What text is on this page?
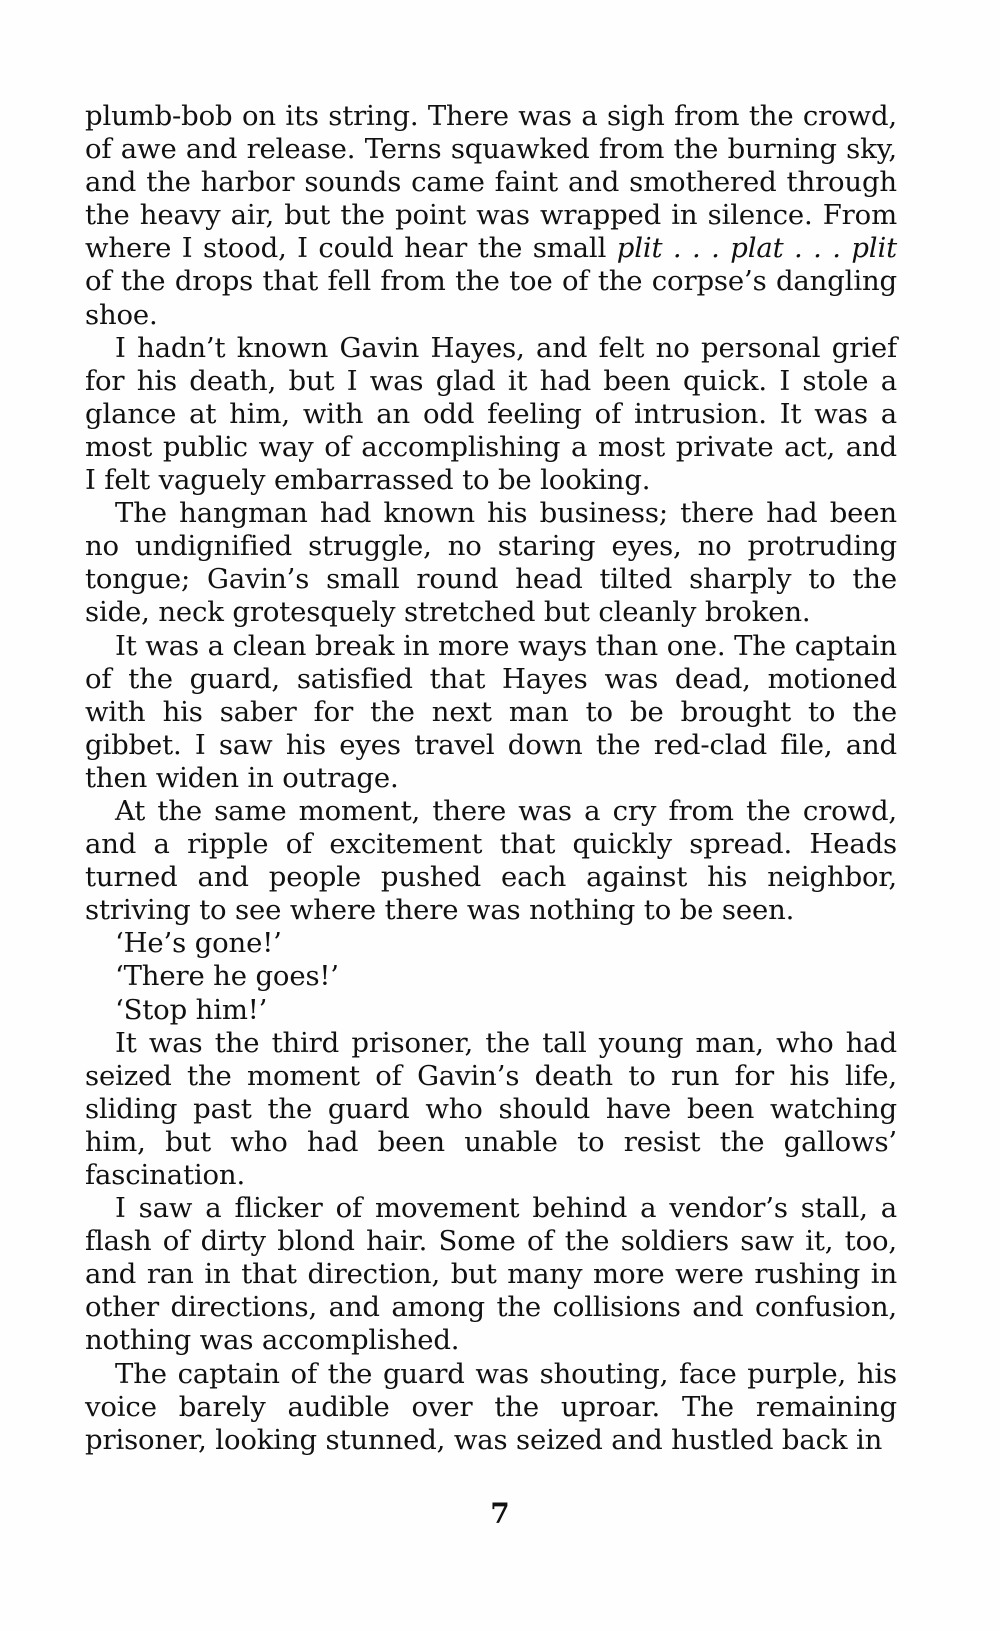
plumb-bob on its string. There was a sigh from the crowd, of awe and release. Terns squawked from the burning sky, and the harbor sounds came faint and smothered through the heavy air, but the point was wrapped in silence. From where I stood, I could hear the small plit . . . plat . . . plit of the drops that fell from the toe of the corpse’s dangling shoe.

I hadn’t known Gavin Hayes, and felt no personal grief for his death, but I was glad it had been quick. I stole a glance at him, with an odd feeling of intrusion. It was a most public way of accomplishing a most private act, and I felt vaguely embarrassed to be looking.

The hangman had known his business; there had been no undignified struggle, no staring eyes, no protruding tongue; Gavin’s small round head tilted sharply to the side, neck grotesquely stretched but cleanly broken.

It was a clean break in more ways than one. The captain of the guard, satisfied that Hayes was dead, motioned with his saber for the next man to be brought to the gibbet. I saw his eyes travel down the red-clad file, and then widen in outrage.

At the same moment, there was a cry from the crowd, and a ripple of excitement that quickly spread. Heads turned and people pushed each against his neighbor, striving to see where there was nothing to be seen.

‘He’s gone!’

‘There he goes!’

‘Stop him!’

It was the third prisoner, the tall young man, who had seized the moment of Gavin’s death to run for his life, sliding past the guard who should have been watching him, but who had been unable to resist the gallows’ fascination.

I saw a flicker of movement behind a vendor’s stall, a flash of dirty blond hair. Some of the soldiers saw it, too, and ran in that direction, but many more were rushing in other directions, and among the collisions and confusion, nothing was accomplished.

The captain of the guard was shouting, face purple, his voice barely audible over the uproar. The remaining prisoner, looking stunned, was seized and hustled back in

7
